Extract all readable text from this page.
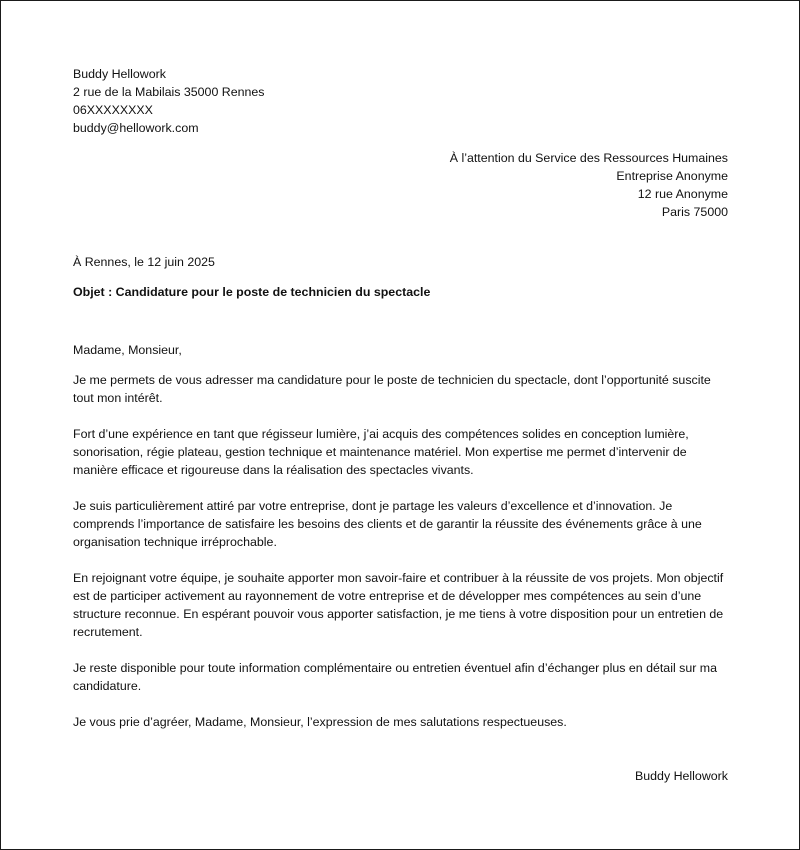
Buddy Hellowork
2 rue de la Mabilais 35000 Rennes
06XXXXXXXX
buddy@hellowork.com
À l’attention du Service des Ressources Humaines
Entreprise Anonyme
12 rue Anonyme
Paris 75000
À Rennes, le 12 juin 2025
Objet : Candidature pour le poste de technicien du spectacle
Madame, Monsieur,
Je me permets de vous adresser ma candidature pour le poste de technicien du spectacle, dont l’opportunité suscite tout mon intérêt.
Fort d’une expérience en tant que régisseur lumière, j’ai acquis des compétences solides en conception lumière, sonorisation, régie plateau, gestion technique et maintenance matériel. Mon expertise me permet d’intervenir de manière efficace et rigoureuse dans la réalisation des spectacles vivants.
Je suis particulièrement attiré par votre entreprise, dont je partage les valeurs d’excellence et d’innovation. Je comprends l’importance de satisfaire les besoins des clients et de garantir la réussite des événements grâce à une organisation technique irréprochable.
En rejoignant votre équipe, je souhaite apporter mon savoir-faire et contribuer à la réussite de vos projets. Mon objectif est de participer activement au rayonnement de votre entreprise et de développer mes compétences au sein d’une structure reconnue. En espérant pouvoir vous apporter satisfaction, je me tiens à votre disposition pour un entretien de recrutement.
Je reste disponible pour toute information complémentaire ou entretien éventuel afin d’échanger plus en détail sur ma candidature.
Je vous prie d’agréer, Madame, Monsieur, l’expression de mes salutations respectueuses.
Buddy Hellowork
